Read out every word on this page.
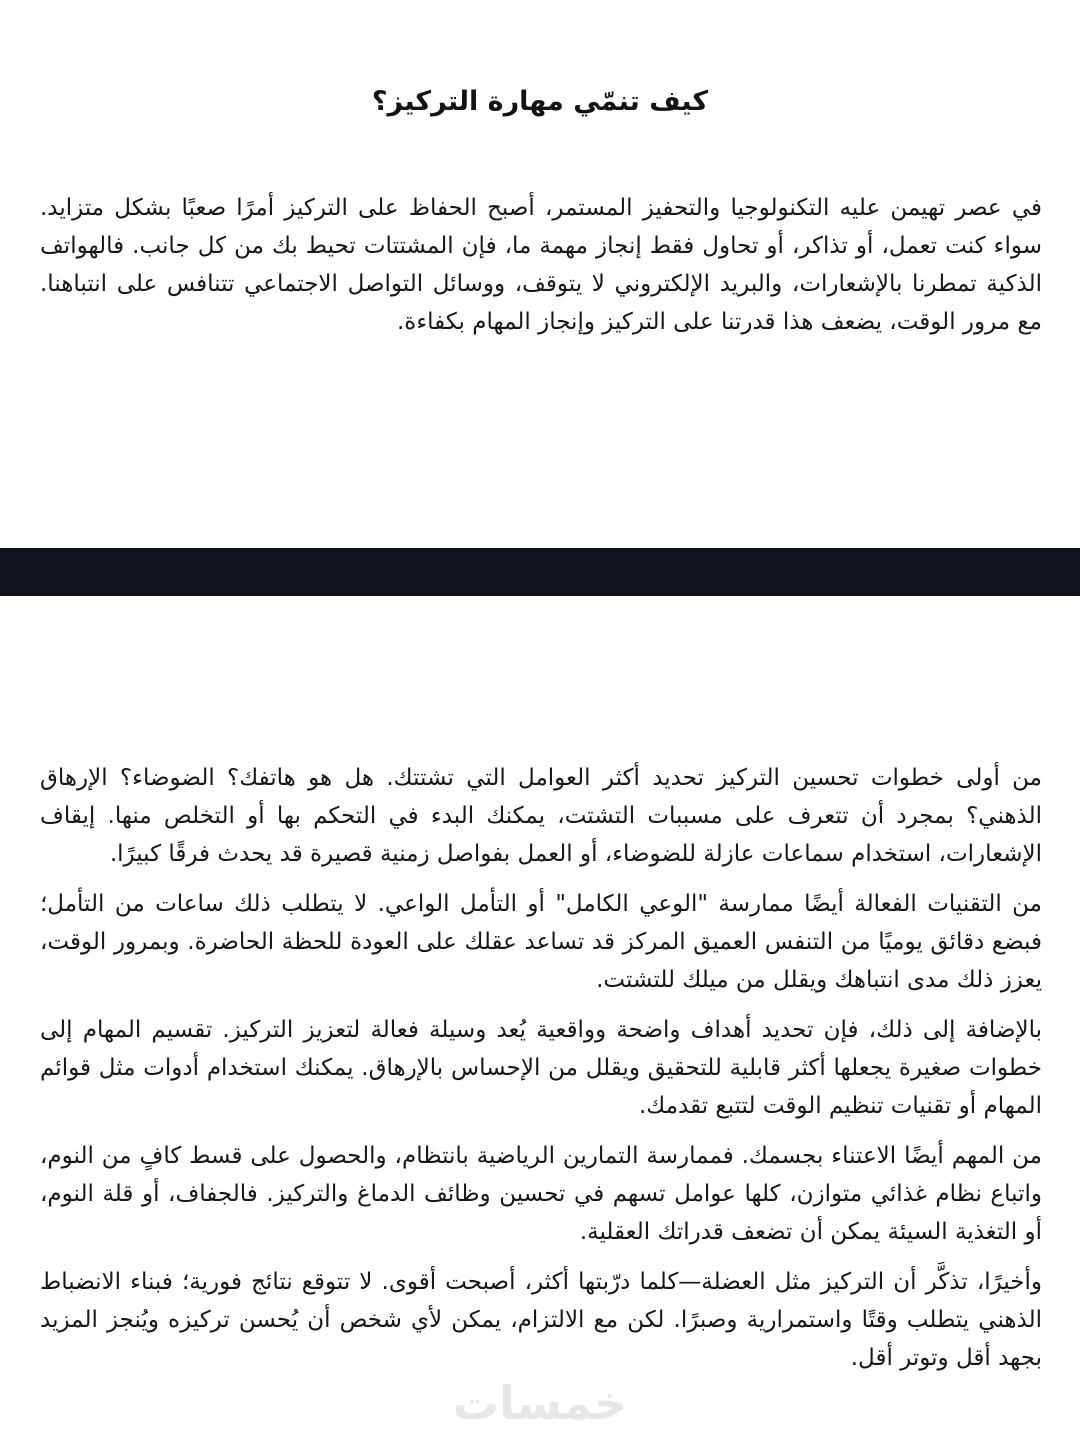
كيف تنمّي مهارة التركيز؟

في عصر تهيمن عليه التكنولوجيا والتحفيز المستمر، أصبح الحفاظ على التركيز أمرًا صعبًا بشكل متزايد. سواء كنت تعمل، أو تذاكر، أو تحاول فقط إنجاز مهمة ما، فإن المشتتات تحيط بك من كل جانب. فالهواتف الذكية تمطرنا بالإشعارات، والبريد الإلكتروني لا يتوقف، ووسائل التواصل الاجتماعي تتنافس على انتباهنا. مع مرور الوقت، يضعف هذا قدرتنا على التركيز وإنجاز المهام بكفاءة.

من أولى خطوات تحسين التركيز تحديد أكثر العوامل التي تشتتك. هل هو هاتفك؟ الضوضاء؟ الإرهاق الذهني؟ بمجرد أن تتعرف على مسببات التشتت، يمكنك البدء في التحكم بها أو التخلص منها. إيقاف الإشعارات، استخدام سماعات عازلة للضوضاء، أو العمل بفواصل زمنية قصيرة قد يحدث فرقًا كبيرًا.

من التقنيات الفعالة أيضًا ممارسة "الوعي الكامل" أو التأمل الواعي. لا يتطلب ذلك ساعات من التأمل؛ فبضع دقائق يوميًا من التنفس العميق المركز قد تساعد عقلك على العودة للحظة الحاضرة. وبمرور الوقت، يعزز ذلك مدى انتباهك ويقلل من ميلك للتشتت.

بالإضافة إلى ذلك، فإن تحديد أهداف واضحة وواقعية يُعد وسيلة فعالة لتعزيز التركيز. تقسيم المهام إلى خطوات صغيرة يجعلها أكثر قابلية للتحقيق ويقلل من الإحساس بالإرهاق. يمكنك استخدام أدوات مثل قوائم المهام أو تقنيات تنظيم الوقت لتتبع تقدمك.

من المهم أيضًا الاعتناء بجسمك. فممارسة التمارين الرياضية بانتظام، والحصول على قسط كافٍ من النوم، واتباع نظام غذائي متوازن، كلها عوامل تسهم في تحسين وظائف الدماغ والتركيز. فالجفاف، أو قلة النوم، أو التغذية السيئة يمكن أن تضعف قدراتك العقلية.

وأخيرًا، تذكَّر أن التركيز مثل العضلة—كلما درّبتها أكثر، أصبحت أقوى. لا تتوقع نتائج فورية؛ فبناء الانضباط الذهني يتطلب وقتًا واستمرارية وصبرًا. لكن مع الالتزام، يمكن لأي شخص أن يُحسن تركيزه ويُنجز المزيد بجهد أقل وتوتر أقل.

خمسات
